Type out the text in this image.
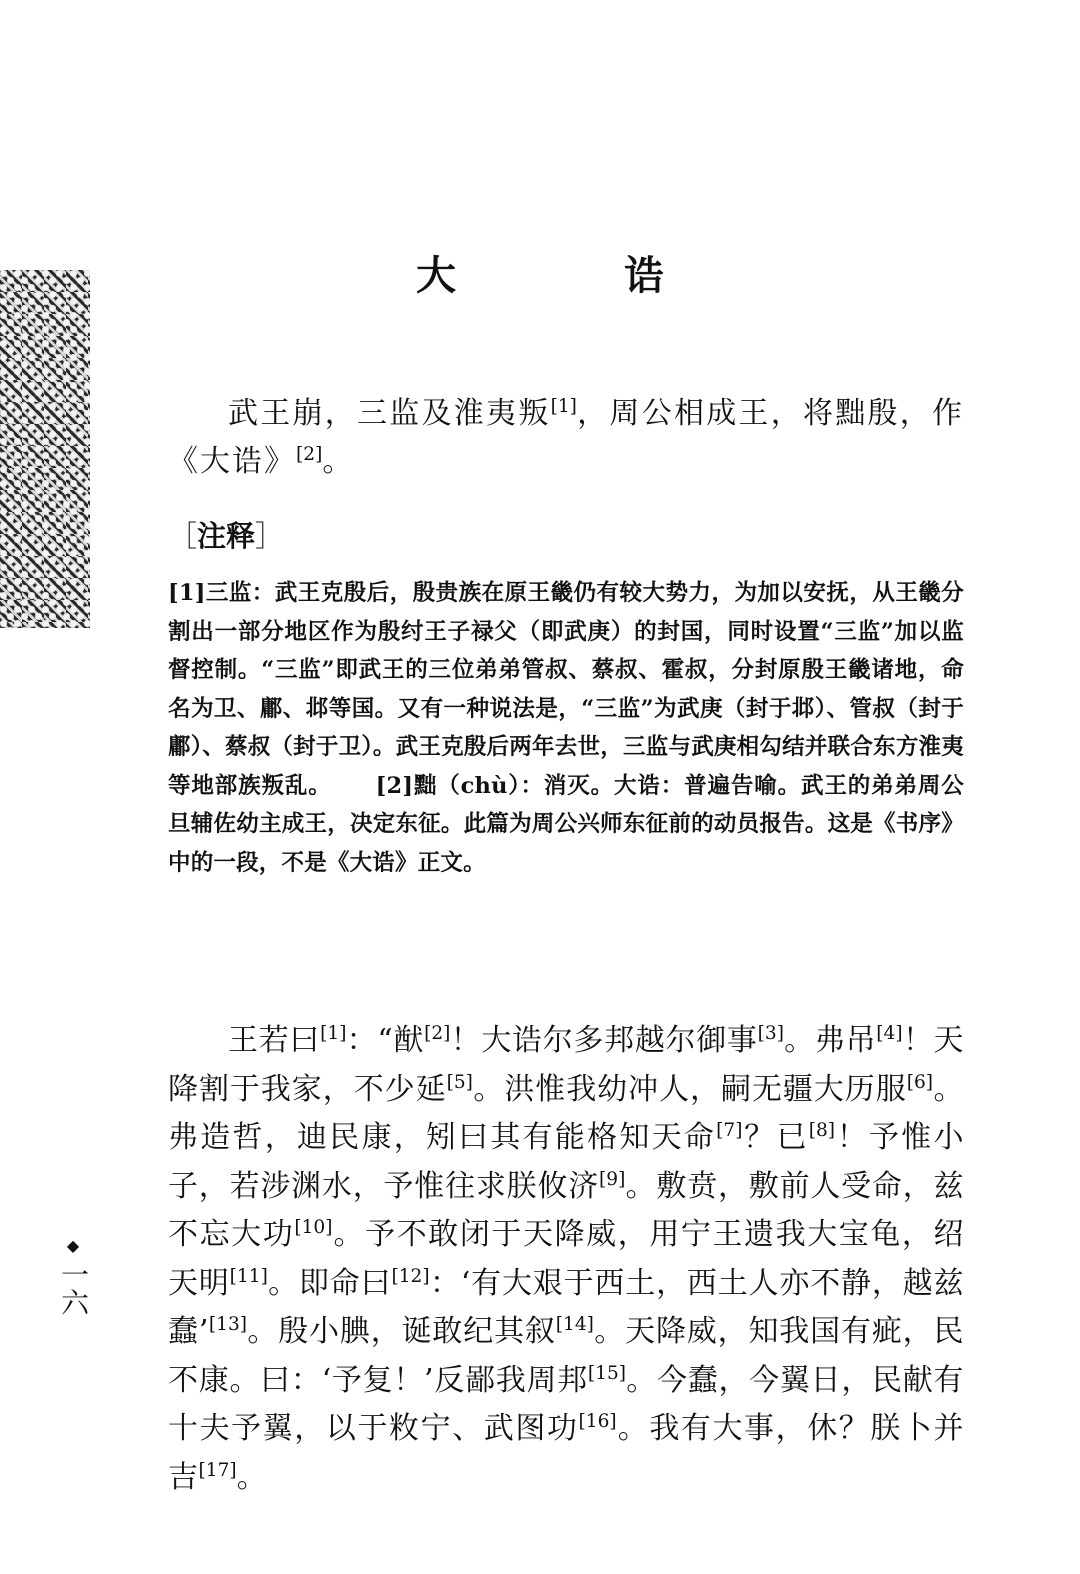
大　诰

武王崩，三监及淮夷叛[1]，周公相成王，将黜殷，作《大诰》[2]。

［注释］

[1]三监：武王克殷后，殷贵族在原王畿仍有较大势力，为加以安抚，从王畿分割出一部分地区作为殷纣王子禄父（即武庚）的封国，同时设置“三监”加以监督控制。“三监”即武王的三位弟弟管叔、蔡叔、霍叔，分封原殷王畿诸地，命名为卫、鄘、邶等国。又有一种说法是，“三监”为武庚（封于邶）、管叔（封于鄘）、蔡叔（封于卫）。武王克殷后两年去世，三监与武庚相勾结并联合东方淮夷等地部族叛乱。 [2]黜（chù）：消灭。大诰：普遍告喻。武王的弟弟周公旦辅佐幼主成王，决定东征。此篇为周公兴师东征前的动员报告。这是《书序》中的一段，不是《大诰》正文。

王若曰[1]：“猷[2]！大诰尔多邦越尔御事[3]。弗吊[4]！天降割于我家，不少延[5]。洪惟我幼冲人，嗣无疆大历服[6]。弗造哲，迪民康，矧曰其有能格知天命[7]？已[8]！予惟小子，若涉渊水，予惟往求朕攸济[9]。敷贲，敷前人受命，兹不忘大功[10]。予不敢闭于天降威，用宁王遗我大宝龟，绍天明[11]。即命曰[12]：‘有大艰于西土，西土人亦不静，越兹蠢’[13]。殷小腆，诞敢纪其叙[14]。天降威，知我国有疵，民不康。曰：‘予复！’反鄙我周邦[15]。今蠢，今翼日，民献有十夫予翼，以于敉宁、武图功[16]。我有大事，休？朕卜并吉[17]。

◆
一六
